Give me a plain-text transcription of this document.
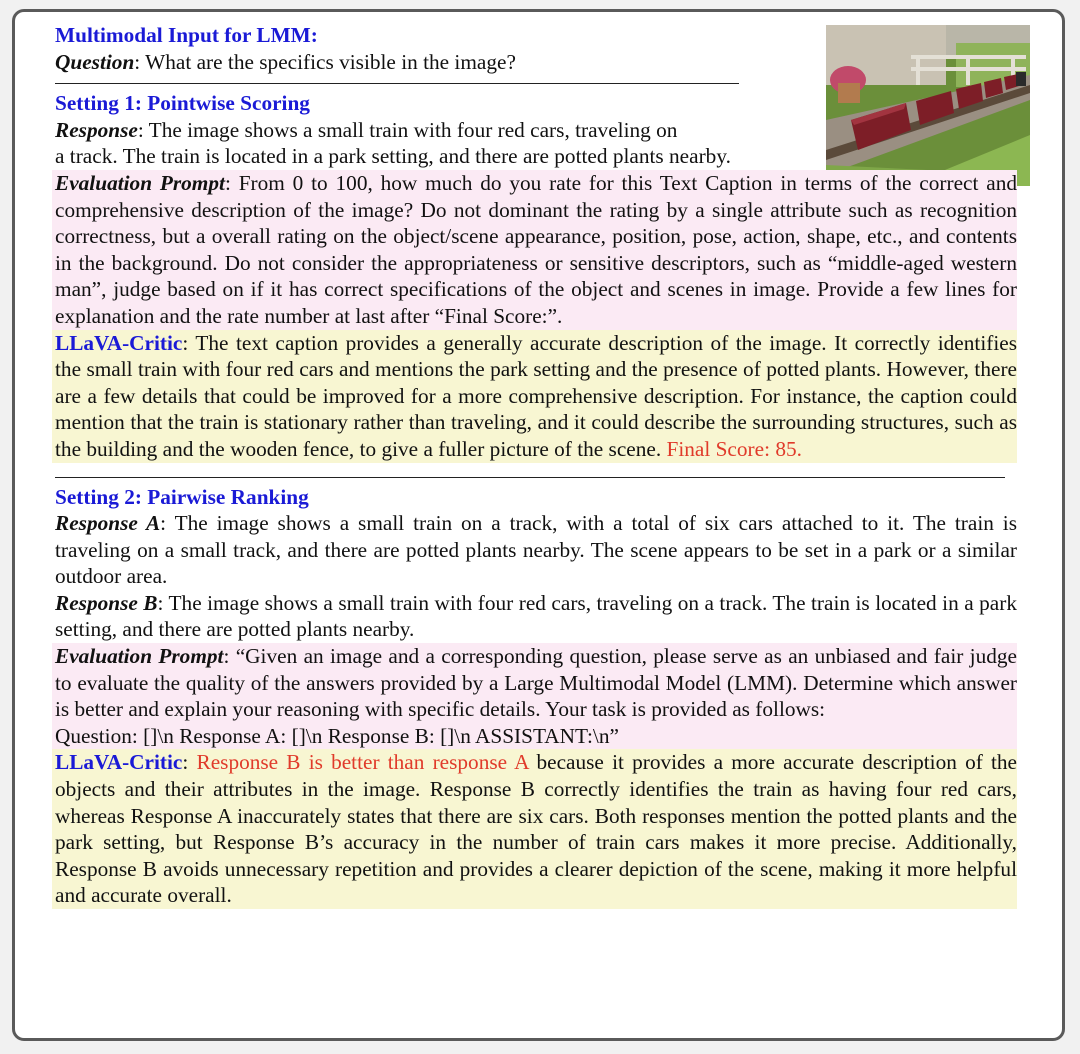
Multimodal Input for LMM:

Question: What are the specifics visible in the image?

Setting 1: Pointwise Scoring

Response: The image shows a small train with four red cars, traveling on
a track. The train is located in a park setting, and there are potted plants nearby.

Evaluation Prompt: From 0 to 100, how much do you rate for this Text Caption in terms of the correct and comprehensive description of the image? Do not dominant the rating by a single attribute such as recognition correctness, but a overall rating on the object/scene appearance, position, pose, action, shape, etc., and contents in the background. Do not consider the appropriateness or sensitive descriptors, such as “middle-aged western man”, judge based on if it has correct specifications of the object and scenes in image. Provide a few lines for explanation and the rate number at last after “Final Score:”.

LLaVA-Critic: The text caption provides a generally accurate description of the image. It correctly identifies the small train with four red cars and mentions the park setting and the presence of potted plants. However, there are a few details that could be improved for a more comprehensive description. For instance, the caption could mention that the train is stationary rather than traveling, and it could describe the surrounding structures, such as the building and the wooden fence, to give a fuller picture of the scene. Final Score: 85.

Setting 2: Pairwise Ranking

Response A: The image shows a small train on a track, with a total of six cars attached to it. The train is traveling on a small track, and there are potted plants nearby. The scene appears to be set in a park or a similar outdoor area.

Response B: The image shows a small train with four red cars, traveling on a track. The train is located in a park setting, and there are potted plants nearby.

Evaluation Prompt: “Given an image and a corresponding question, please serve as an unbiased and fair judge to evaluate the quality of the answers provided by a Large Multimodal Model (LMM). Determine which answer is better and explain your reasoning with specific details. Your task is provided as follows:

Question: []\n Response A: []\n Response B: []\n ASSISTANT:\n”

LLaVA-Critic: Response B is better than response A because it provides a more accurate description of the objects and their attributes in the image. Response B correctly identifies the train as having four red cars, whereas Response A inaccurately states that there are six cars. Both responses mention the potted plants and the park setting, but Response B’s accuracy in the number of train cars makes it more precise. Additionally, Response B avoids unnecessary repetition and provides a clearer depiction of the scene, making it more helpful and accurate overall.
